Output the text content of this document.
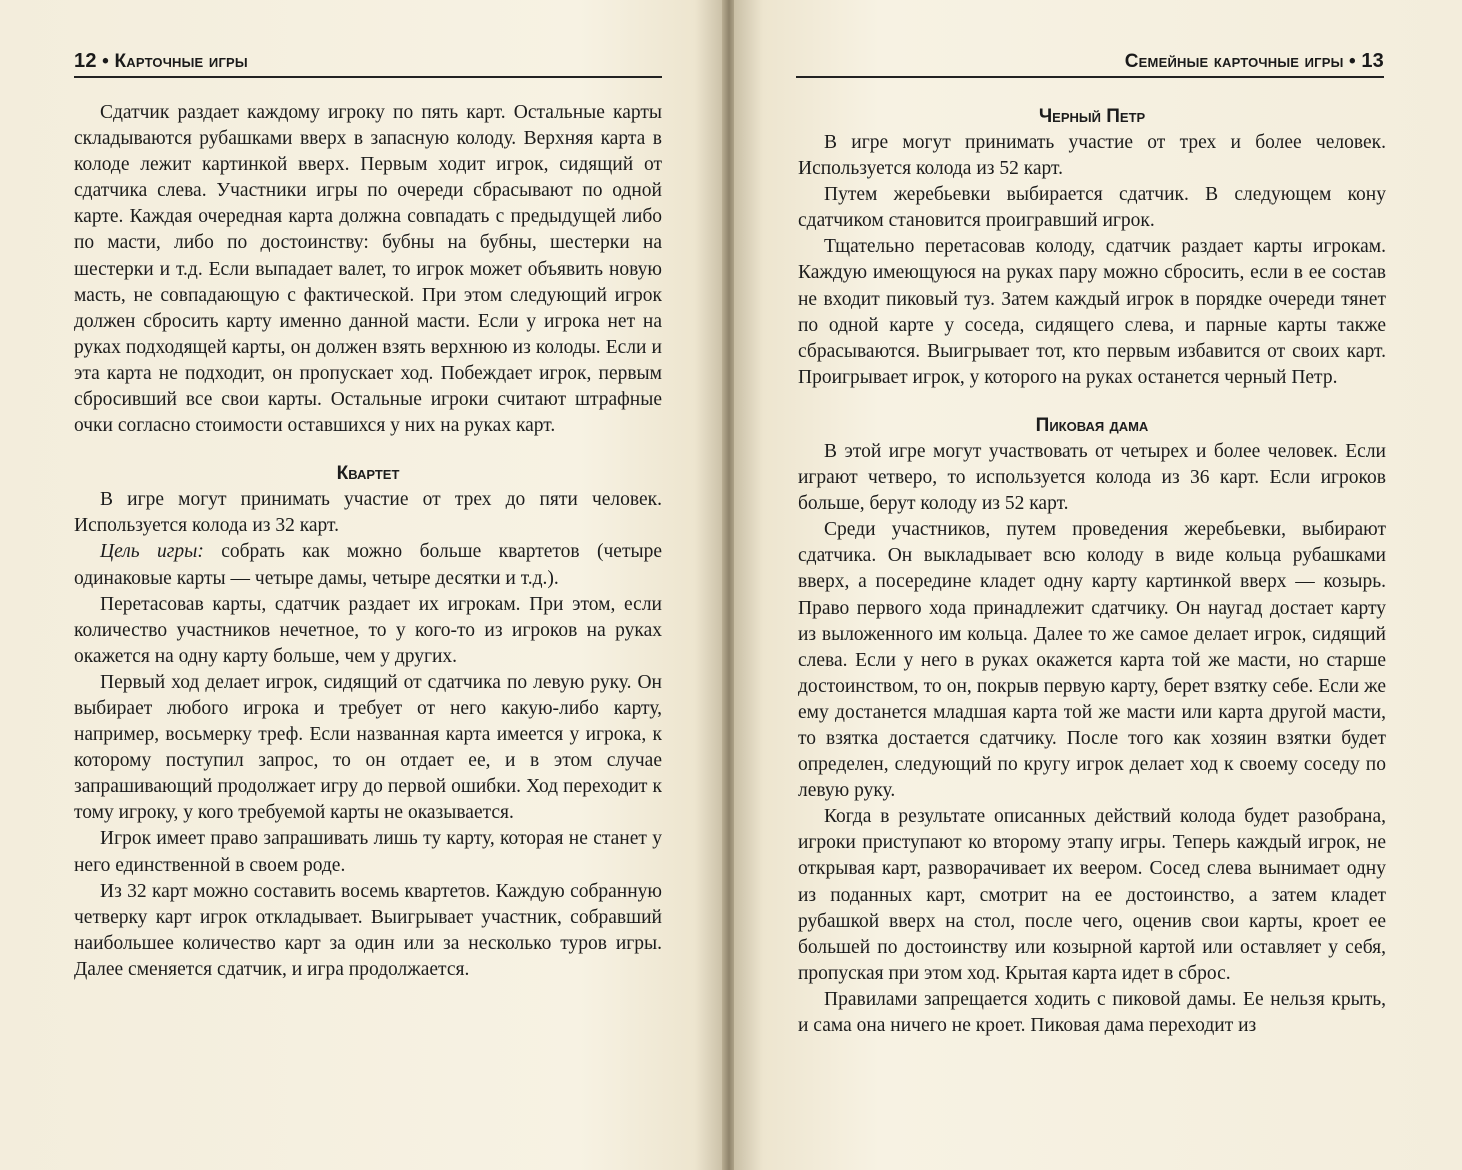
12 • Карточные игры

Сдатчик раздает каждому игроку по пять карт. Остальные карты складываются рубашками вверх в запасную колоду. Верхняя карта в колоде лежит картинкой вверх. Первым ходит игрок, сидящий от сдатчика слева. Участники игры по очереди сбрасывают по одной карте. Каждая очередная карта должна совпадать с предыдущей либо по масти, либо по достоинству: бубны на бубны, шестерки на шестерки и т.д. Если выпадает валет, то игрок может объявить новую масть, не совпадающую с фактической. При этом следующий игрок должен сбросить карту именно данной масти. Если у игрока нет на руках подходящей карты, он должен взять верхнюю из колоды. Если и эта карта не подходит, он пропускает ход. Побеждает игрок, первым сбросивший все свои карты. Остальные игроки считают штрафные очки согласно стоимости оставшихся у них на руках карт.

Квартет

В игре могут принимать участие от трех до пяти человек. Используется колода из 32 карт.

Цель игры: собрать как можно больше квартетов (четыре одинаковые карты — четыре дамы, четыре десятки и т.д.).

Перетасовав карты, сдатчик раздает их игрокам. При этом, если количество участников нечетное, то у кого-то из игроков на руках окажется на одну карту больше, чем у других.

Первый ход делает игрок, сидящий от сдатчика по левую руку. Он выбирает любого игрока и требует от него какую-либо карту, например, восьмерку треф. Если названная карта имеется у игрока, к которому поступил запрос, то он отдает ее, и в этом случае запрашивающий продолжает игру до первой ошибки. Ход переходит к тому игроку, у кого требуемой карты не оказывается.

Игрок имеет право запрашивать лишь ту карту, которая не станет у него единственной в своем роде.

Из 32 карт можно составить восемь квартетов. Каждую собранную четверку карт игрок откладывает. Выигрывает участник, собравший наибольшее количество карт за один или за несколько туров игры. Далее сменяется сдатчик, и игра продолжается.

Семейные карточные игры • 13
Черный Петр

В игре могут принимать участие от трех и более человек. Используется колода из 52 карт.

Путем жеребьевки выбирается сдатчик. В следующем кону сдатчиком становится проигравший игрок.

Тщательно перетасовав колоду, сдатчик раздает карты игрокам. Каждую имеющуюся на руках пару можно сбросить, если в ее состав не входит пиковый туз. Затем каждый игрок в порядке очереди тянет по одной карте у соседа, сидящего слева, и парные карты также сбрасываются. Выигрывает тот, кто первым избавится от своих карт. Проигрывает игрок, у которого на руках останется черный Петр.

Пиковая дама

В этой игре могут участвовать от четырех и более человек. Если играют четверо, то используется колода из 36 карт. Если игроков больше, берут колоду из 52 карт.

Среди участников, путем проведения жеребьевки, выбирают сдатчика. Он выкладывает всю колоду в виде кольца рубашками вверх, а посередине кладет одну карту картинкой вверх — козырь. Право первого хода принадлежит сдатчику. Он наугад достает карту из выложенного им кольца. Далее то же самое делает игрок, сидящий слева. Если у него в руках окажется карта той же масти, но старше достоинством, то он, покрыв первую карту, берет взятку себе. Если же ему достанется младшая карта той же масти или карта другой масти, то взятка достается сдатчику. После того как хозяин взятки будет определен, следующий по кругу игрок делает ход к своему соседу по левую руку.

Когда в результате описанных действий колода будет разобрана, игроки приступают ко второму этапу игры. Теперь каждый игрок, не открывая карт, разворачивает их веером. Сосед слева вынимает одну из поданных карт, смотрит на ее достоинство, а затем кладет рубашкой вверх на стол, после чего, оценив свои карты, кроет ее большей по достоинству или козырной картой или оставляет у себя, пропуская при этом ход. Крытая карта идет в сброс.

Правилами запрещается ходить с пиковой дамы. Ее нельзя крыть, и сама она ничего не кроет. Пиковая дама переходит из
